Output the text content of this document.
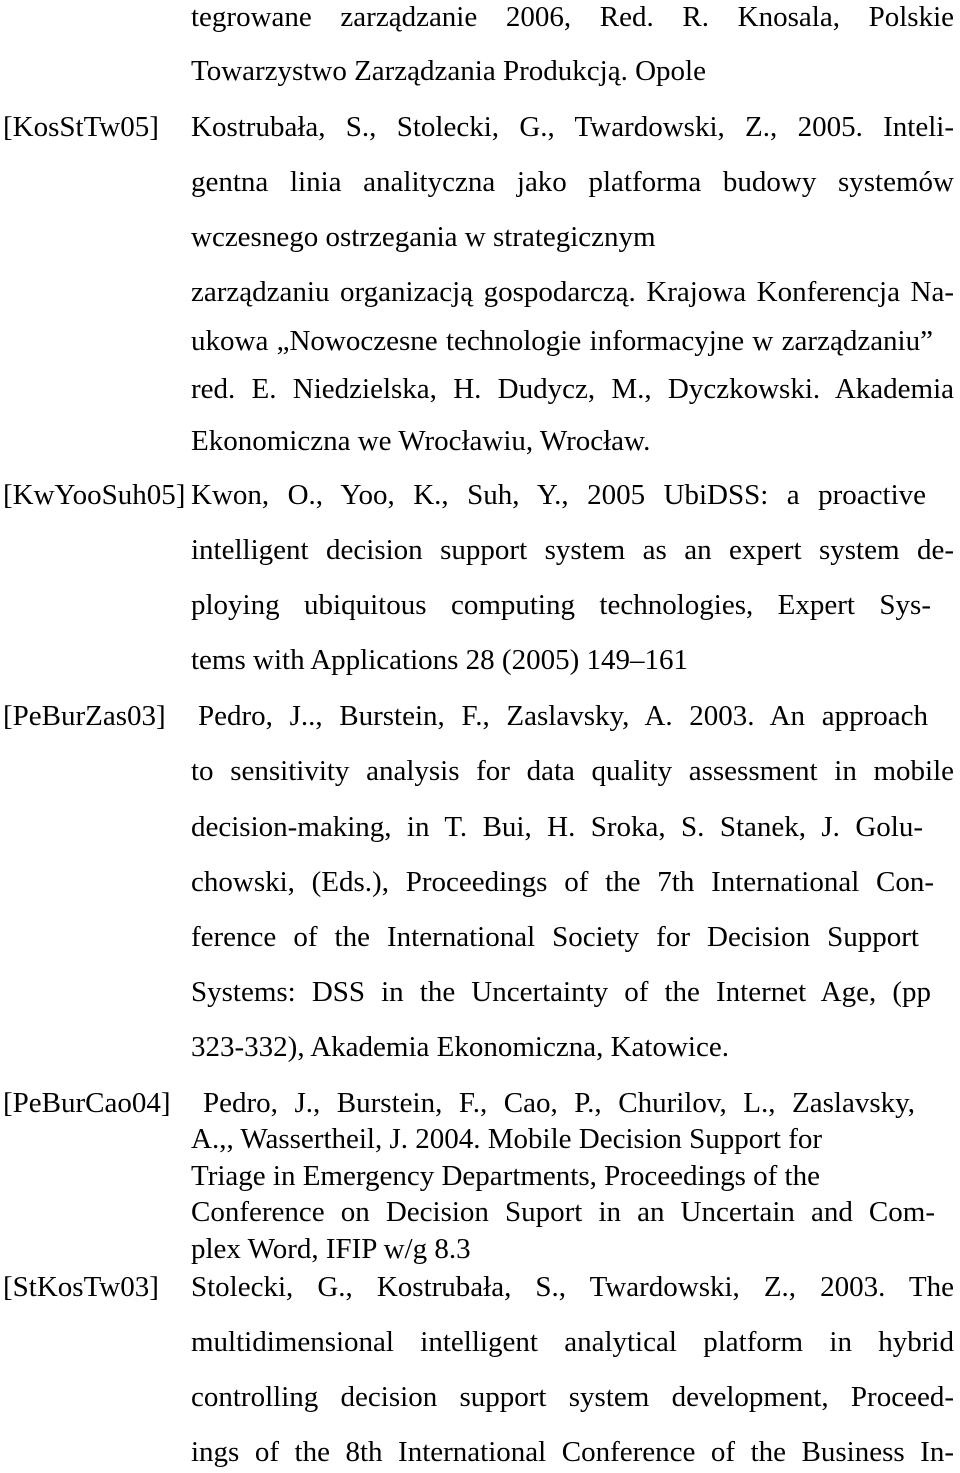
tegrowane zarządzanie 2006, Red. R. Knosala, Polskie
Towarzystwo Zarządzania Produkcją. Opole
[KosStTw05] Kostrubała, S., Stolecki, G., Twardowski, Z., 2005. Inteli-
gentna linia analityczna jako platforma budowy systemów
wczesnego ostrzegania w strategicznym
zarządzaniu organizacją gospodarczą. Krajowa Konferencja Na-
ukowa „Nowoczesne technologie informacyjne w zarządzaniu”
red. E. Niedzielska, H. Dudycz, M., Dyczkowski. Akademia
Ekonomiczna we Wrocławiu, Wrocław.
[KwYooSuh05] Kwon, O., Yoo, K., Suh, Y., 2005 UbiDSS: a proactive
intelligent decision support system as an expert system de-
ploying ubiquitous computing technologies, Expert Sys-
tems with Applications 28 (2005) 149–161
[PeBurZas03] Pedro, J.., Burstein, F., Zaslavsky, A. 2003. An approach
to sensitivity analysis for data quality assessment in mobile
decision-making, in T. Bui, H. Sroka, S. Stanek, J. Golu-
chowski, (Eds.), Proceedings of the 7th International Con-
ference of the International Society for Decision Support
Systems: DSS in the Uncertainty of the Internet Age, (pp
323-332), Akademia Ekonomiczna, Katowice.
[PeBurCao04] Pedro, J., Burstein, F., Cao, P., Churilov, L., Zaslavsky,
A.,, Wassertheil, J. 2004. Mobile Decision Support for
Triage in Emergency Departments, Proceedings of the
Conference on Decision Suport in an Uncertain and Com-
plex Word, IFIP w/g 8.3
[StKosTw03] Stolecki, G., Kostrubała, S., Twardowski, Z., 2003. The
multidimensional intelligent analytical platform in hybrid
controlling decision support system development, Proceed-
ings of the 8th International Conference of the Business In-
